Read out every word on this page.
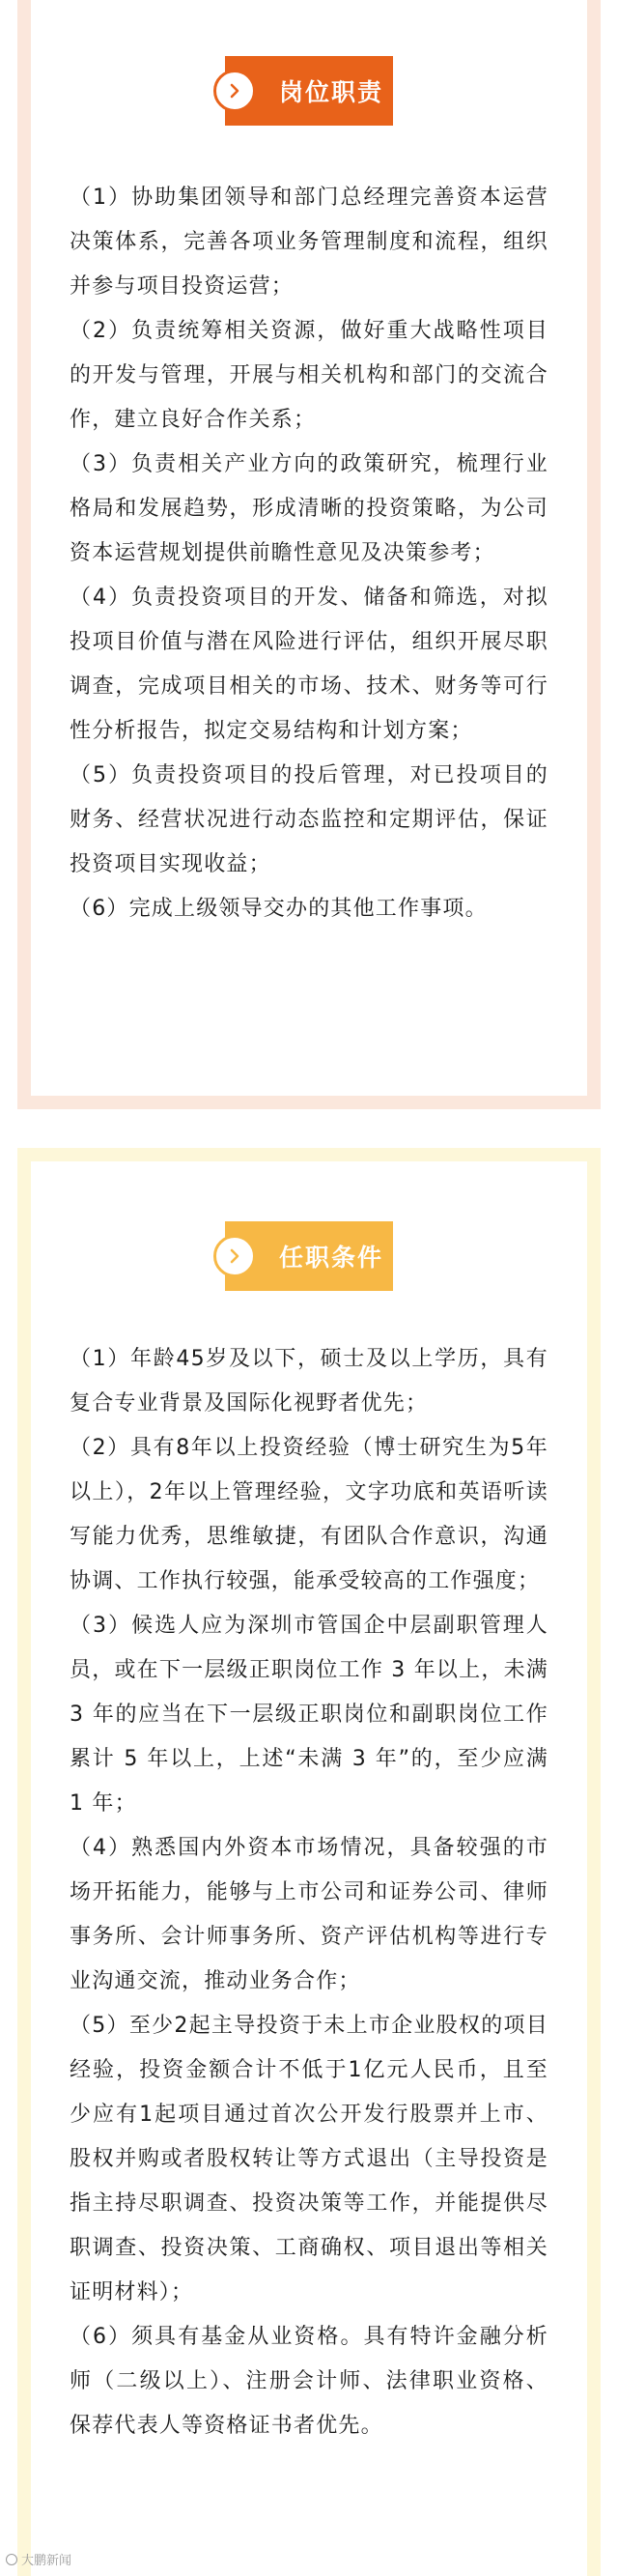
岗位职责

（1）协助集团领导和部门总经理完善资本运营决策体系，完善各项业务管理制度和流程，组织并参与项目投资运营；

（2）负责统筹相关资源，做好重大战略性项目的开发与管理，开展与相关机构和部门的交流合作，建立良好合作关系；

（3）负责相关产业方向的政策研究，梳理行业格局和发展趋势，形成清晰的投资策略，为公司资本运营规划提供前瞻性意见及决策参考；

（4）负责投资项目的开发、储备和筛选，对拟投项目价值与潜在风险进行评估，组织开展尽职调查，完成项目相关的市场、技术、财务等可行性分析报告，拟定交易结构和计划方案；

（5）负责投资项目的投后管理，对已投项目的财务、经营状况进行动态监控和定期评估，保证投资项目实现收益；

（6）完成上级领导交办的其他工作事项。

任职条件

（1）年龄45岁及以下，硕士及以上学历，具有复合专业背景及国际化视野者优先；

（2）具有8年以上投资经验（博士研究生为5年以上），2年以上管理经验，文字功底和英语听读写能力优秀，思维敏捷，有团队合作意识，沟通协调、工作执行较强，能承受较高的工作强度；

（3）候选人应为深圳市管国企中层副职管理人员，或在下一层级正职岗位工作 3 年以上，未满 3 年的应当在下一层级正职岗位和副职岗位工作累计 5 年以上，上述“未满 3 年”的，至少应满 1 年；

（4）熟悉国内外资本市场情况，具备较强的市场开拓能力，能够与上市公司和证券公司、律师事务所、会计师事务所、资产评估机构等进行专业沟通交流，推动业务合作；

（5）至少2起主导投资于未上市企业股权的项目经验，投资金额合计不低于1亿元人民币，且至少应有1起项目通过首次公开发行股票并上市、股权并购或者股权转让等方式退出（主导投资是指主持尽职调查、投资决策等工作，并能提供尽职调查、投资决策、工商确权、项目退出等相关证明材料）；

（6）须具有基金从业资格。具有特许金融分析师（二级以上）、注册会计师、法律职业资格、保荐代表人等资格证书者优先。

大鹏新闻
